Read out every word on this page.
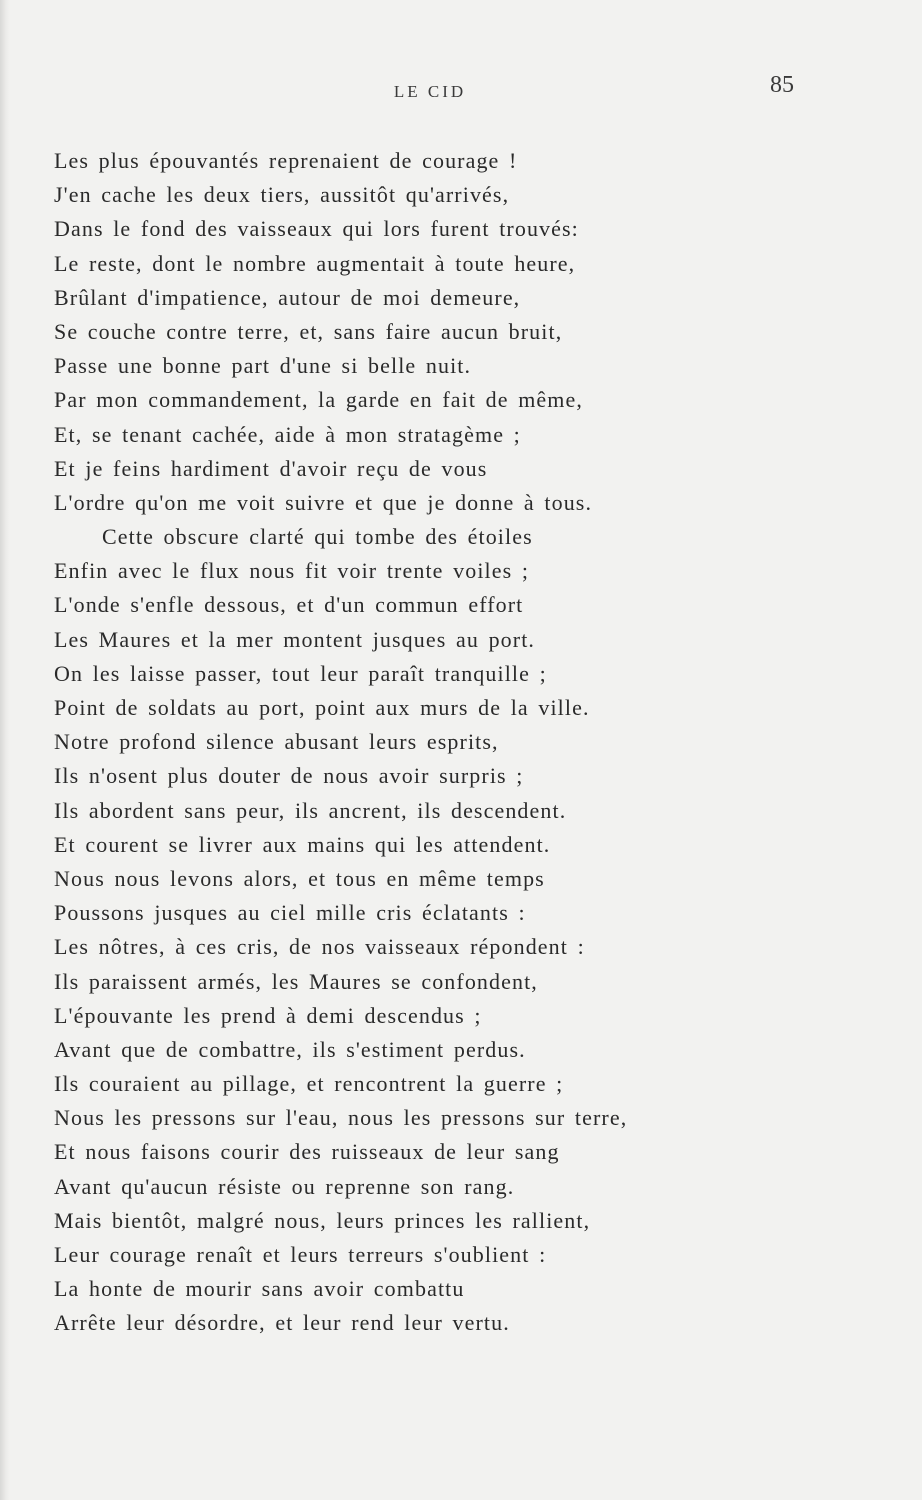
LE CID	85
Les plus épouvantés reprenaient de courage !
J'en cache les deux tiers, aussitôt qu'arrivés,
Dans le fond des vaisseaux qui lors furent trouvés:
Le reste, dont le nombre augmentait à toute heure,
Brûlant d'impatience, autour de moi demeure,
Se couche contre terre, et, sans faire aucun bruit,
Passe une bonne part d'une si belle nuit.
Par mon commandement, la garde en fait de même,
Et, se tenant cachée, aide à mon stratagème ;
Et je feins hardiment d'avoir reçu de vous
L'ordre qu'on me voit suivre et que je donne à tous.
Cette obscure clarté qui tombe des étoiles
Enfin avec le flux nous fit voir trente voiles ;
L'onde s'enfle dessous, et d'un commun effort
Les Maures et la mer montent jusques au port.
On les laisse passer, tout leur paraît tranquille ;
Point de soldats au port, point aux murs de la ville.
Notre profond silence abusant leurs esprits,
Ils n'osent plus douter de nous avoir surpris ;
Ils abordent sans peur, ils ancrent, ils descendent.
Et courent se livrer aux mains qui les attendent.
Nous nous levons alors, et tous en même temps
Poussons jusques au ciel mille cris éclatants :
Les nôtres, à ces cris, de nos vaisseaux répondent :
Ils paraissent armés, les Maures se confondent,
L'épouvante les prend à demi descendus ;
Avant que de combattre, ils s'estiment perdus.
Ils couraient au pillage, et rencontrent la guerre ;
Nous les pressons sur l'eau, nous les pressons sur terre,
Et nous faisons courir des ruisseaux de leur sang
Avant qu'aucun résiste ou reprenne son rang.
Mais bientôt, malgré nous, leurs princes les rallient,
Leur courage renaît et leurs terreurs s'oublient :
La honte de mourir sans avoir combattu
Arrête leur désordre, et leur rend leur vertu.
